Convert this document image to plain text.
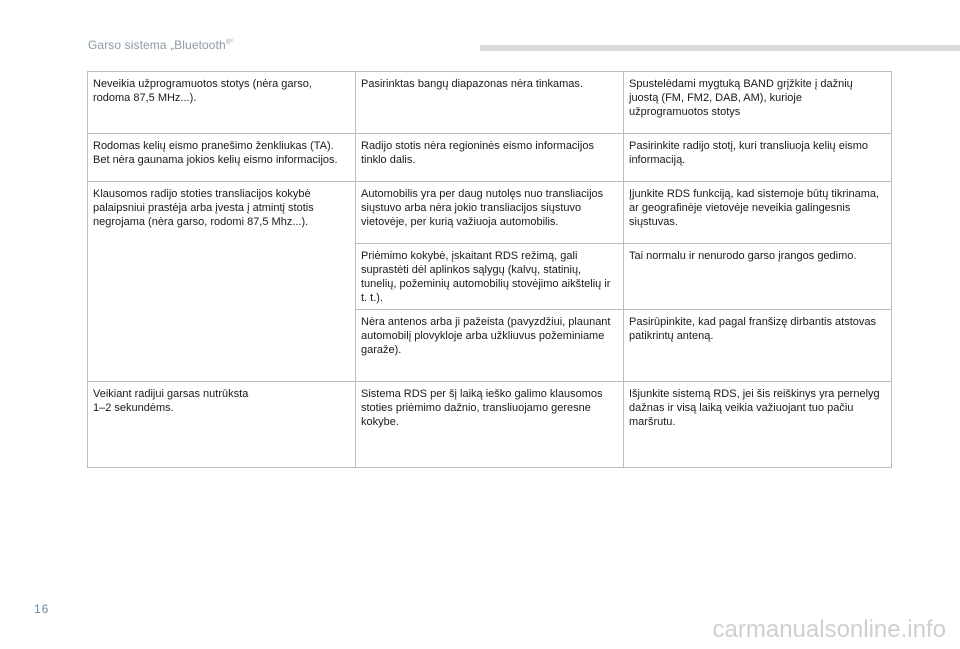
Garso sistema „Bluetooth®“
Neveikia užprogramuotos stotys (nėra garso, rodoma 87,5 MHz...).	Pasirinktas bangų diapazonas nėra tinkamas.	Spustelėdami mygtuką BAND grįžkite į dažnių juostą (FM, FM2, DAB, AM), kurioje užprogramuotos stotys
Rodomas kelių eismo pranešimo ženkliukas (TA). Bet nėra gaunama jokios kelių eismo informacijos.	Radijo stotis nėra regioninės eismo informacijos tinklo dalis.	Pasirinkite radijo stotį, kuri transliuoja kelių eismo informaciją.
Klausomos radijo stoties transliacijos kokybė palaipsniui prastėja arba įvesta į atmintį stotis negrojama (nėra garso, rodomi 87,5 Mhz...).	Automobilis yra per daug nutolęs nuo transliacijos siųstuvo arba nėra jokio transliacijos siųstuvo vietovėje, per kurią važiuoja automobilis.	Įjunkite RDS funkciją, kad sistemoje būtų tikrinama, ar geografinėje vietovėje neveikia galingesnis siųstuvas.
	Priėmimo kokybė, įskaitant RDS režimą, gali suprastėti dėl aplinkos sąlygų (kalvų, statinių, tunelių, požeminių automobilių stovėjimo aikštelių ir t. t.).	Tai normalu ir nenurodo garso įrangos gedimo.
	Nėra antenos arba ji pažeista (pavyzdžiui, plaunant automobilį plovykloje arba užkliuvus požeminiame garaže).	Pasirūpinkite, kad pagal franšizę dirbantis atstovas patikrintų anteną.
Veikiant radijui garsas nutrūksta
1–2 sekundėms.	Sistema RDS per šį laiką ieško galimo klausomos stoties priėmimo dažnio, transliuojamo geresne kokybe.	Išjunkite sistemą RDS, jei šis reiškinys yra pernelyg dažnas ir visą laiką veikia važiuojant tuo pačiu maršrutu.
16
carmanualsonline.info
